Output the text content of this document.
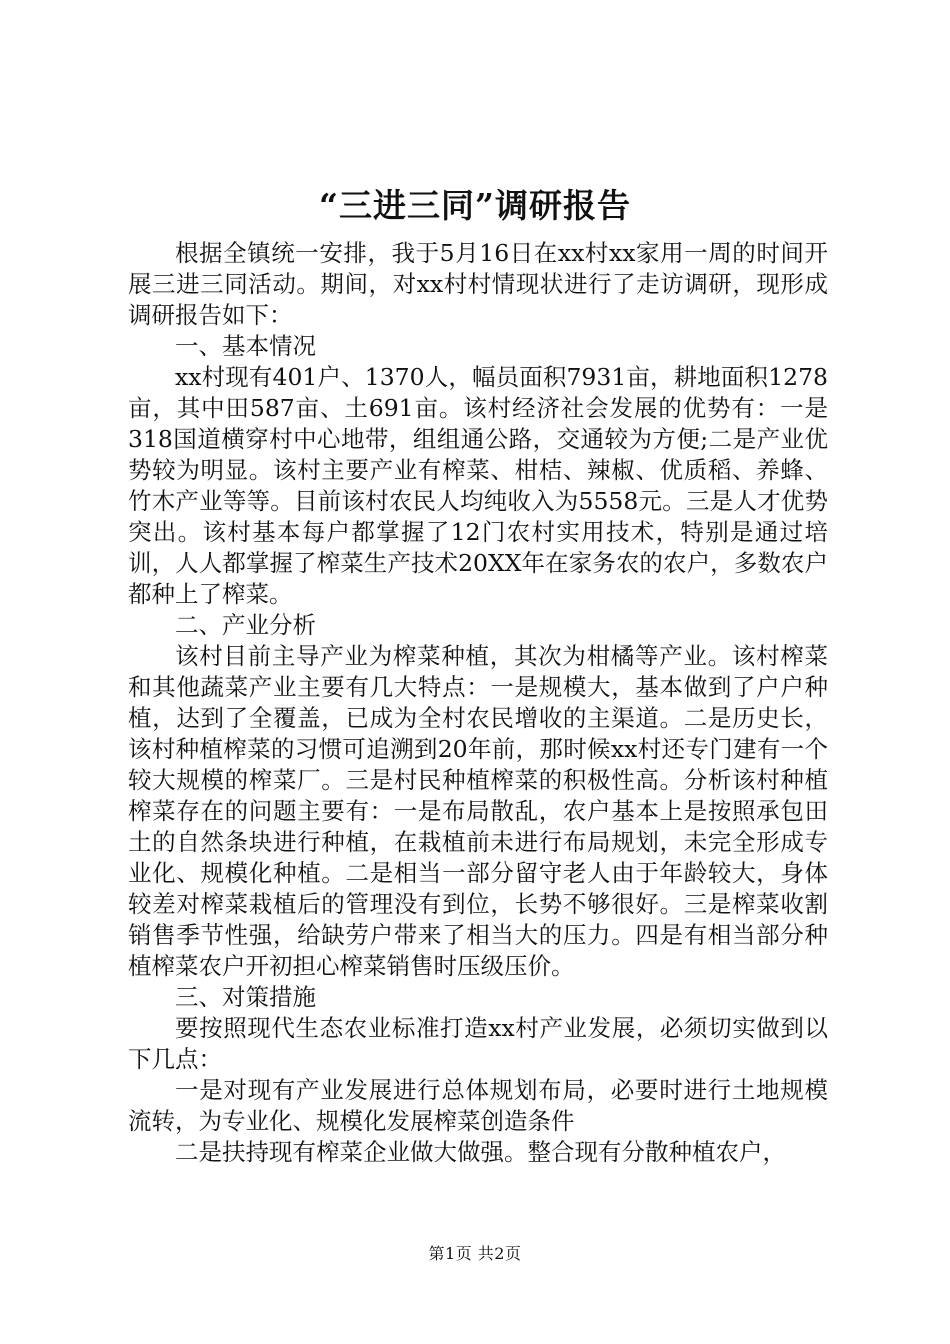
“三进三同”调研报告

根据全镇统一安排，我于5月16日在xx村xx家用一周的时间开展三进三同活动。期间，对xx村村情现状进行了走访调研，现形成调研报告如下：

一、基本情况

xx村现有401户、1370人，幅员面积7931亩，耕地面积1278亩，其中田587亩、土691亩。该村经济社会发展的优势有：一是318国道横穿村中心地带，组组通公路，交通较为方便;二是产业优势较为明显。该村主要产业有榨菜、柑桔、辣椒、优质稻、养蜂、竹木产业等等。目前该村农民人均纯收入为5558元。三是人才优势突出。该村基本每户都掌握了12门农村实用技术，特别是通过培训，人人都掌握了榨菜生产技术20XX年在家务农的农户，多数农户都种上了榨菜。

二、产业分析

该村目前主导产业为榨菜种植，其次为柑橘等产业。该村榨菜和其他蔬菜产业主要有几大特点：一是规模大，基本做到了户户种植，达到了全覆盖，已成为全村农民增收的主渠道。二是历史长，该村种植榨菜的习惯可追溯到20年前，那时候xx村还专门建有一个较大规模的榨菜厂。三是村民种植榨菜的积极性高。分析该村种植榨菜存在的问题主要有：一是布局散乱，农户基本上是按照承包田土的自然条块进行种植，在栽植前未进行布局规划，未完全形成专业化、规模化种植。二是相当一部分留守老人由于年龄较大，身体较差对榨菜栽植后的管理没有到位，长势不够很好。三是榨菜收割销售季节性强，给缺劳户带来了相当大的压力。四是有相当部分种植榨菜农户开初担心榨菜销售时压级压价。

三、对策措施

要按照现代生态农业标准打造xx村产业发展，必须切实做到以下几点：

一是对现有产业发展进行总体规划布局，必要时进行土地规模流转，为专业化、规模化发展榨菜创造条件

二是扶持现有榨菜企业做大做强。整合现有分散种植农户，

第1页 共2页
